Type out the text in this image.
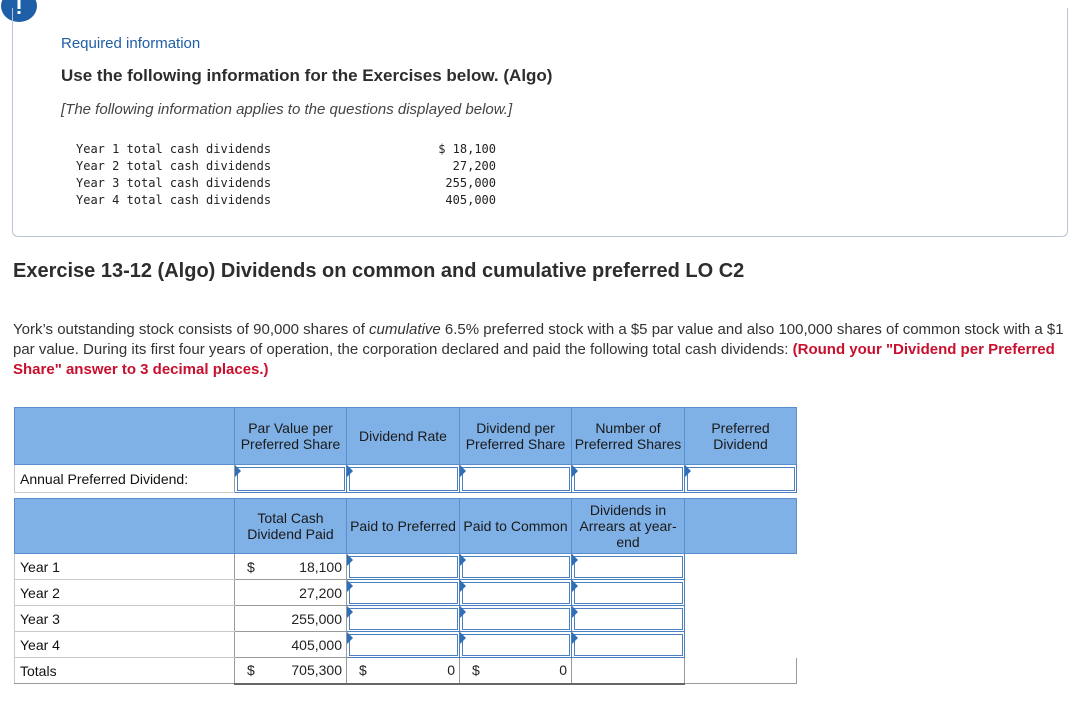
Required information
Use the following information for the Exercises below. (Algo)
[The following information applies to the questions displayed below.]
Year 1 total cash dividends	$ 18,100
Year 2 total cash dividends	27,200
Year 3 total cash dividends	255,000
Year 4 total cash dividends	405,000
Exercise 13-12 (Algo) Dividends on common and cumulative preferred LO C2
York’s outstanding stock consists of 90,000 shares of cumulative 6.5% preferred stock with a $5 par value and also 100,000 shares of common stock with a $1 par value. During its first four years of operation, the corporation declared and paid the following total cash dividends: (Round your "Dividend per Preferred Share" answer to 3 decimal places.)
	Par Value per Preferred Share	Dividend Rate	Dividend per Preferred Share	Number of Preferred Shares	Preferred Dividend
Annual Preferred Dividend:					

	Total Cash Dividend Paid	Paid to Preferred	Paid to Common	Dividends in Arrears at year-end	
Year 1	$ 18,100				

Year 2	27,200				

Year 3	255,000				

Year 4	405,000				

Totals	$ 705,300	$ 0	$ 0		
